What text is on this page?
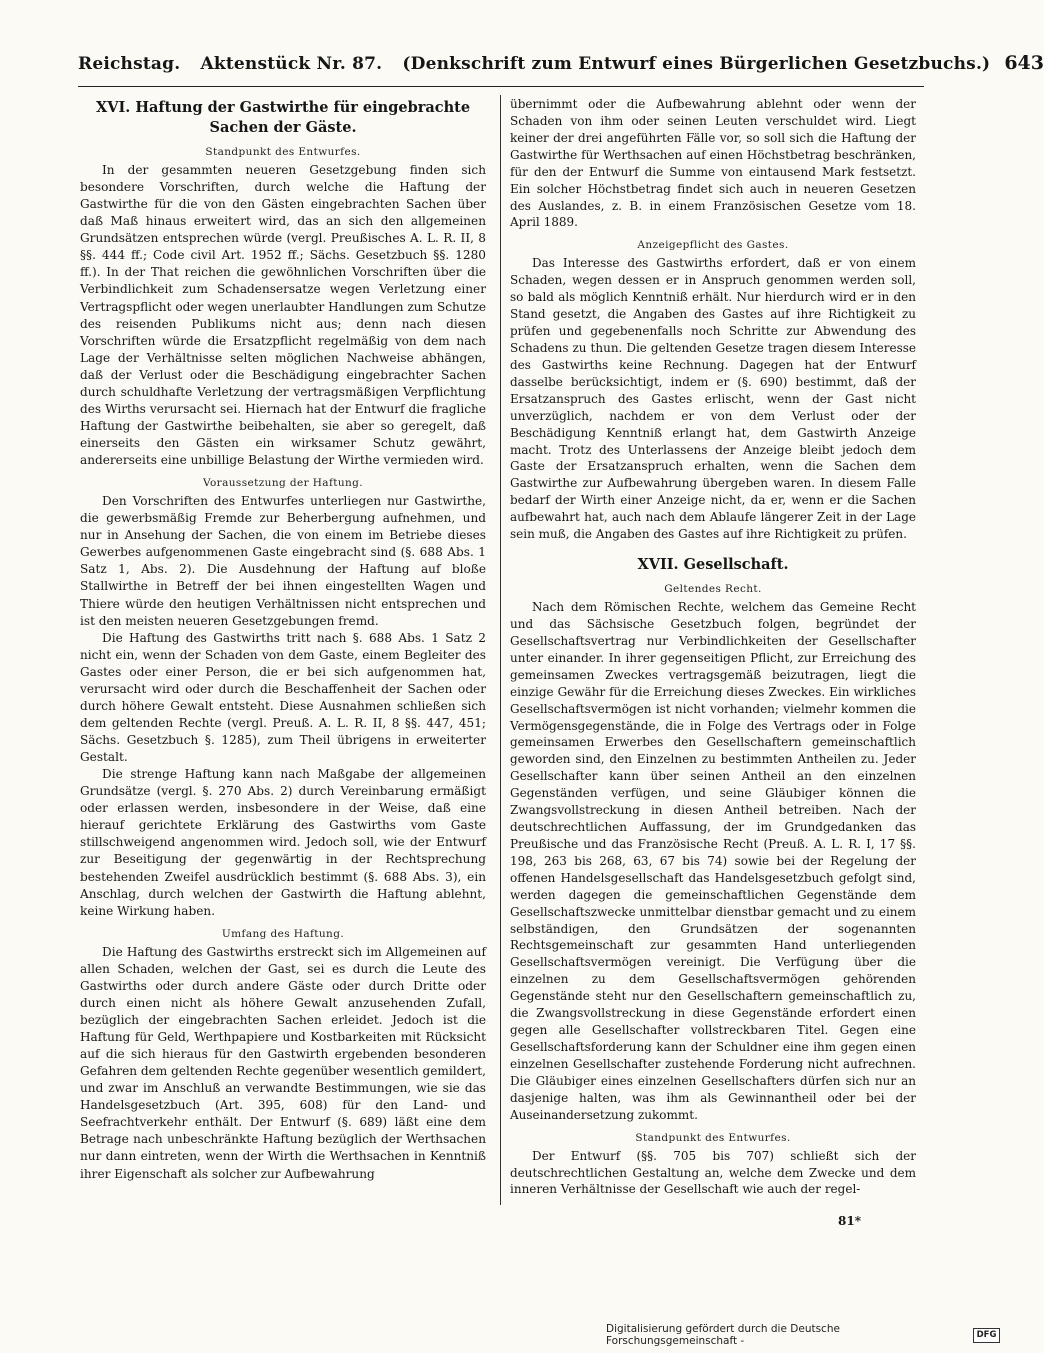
Reichstag. Aktenstück Nr. 87. (Denkschrift zum Entwurf eines Bürgerlichen Gesetzbuchs.) 643
XVI. Haftung der Gastwirthe für eingebrachte Sachen der Gäste.
Standpunkt des Entwurfes.

In der gesammten neueren Gesetzgebung finden sich besondere Vorschriften, durch welche die Haftung der Gastwirthe für die von den Gästen eingebrachten Sachen über daß Maß hinaus erweitert wird, das an sich den allgemeinen Grundsätzen entsprechen würde (vergl. Preußisches A. L. R. II, 8 §§. 444 ff.; Code civil Art. 1952 ff.; Sächs. Gesetzbuch §§. 1280 ff.). In der That reichen die gewöhnlichen Vorschriften über die Verbindlichkeit zum Schadensersatze wegen Verletzung einer Vertragspflicht oder wegen unerlaubter Handlungen zum Schutze des reisenden Publikums nicht aus; denn nach diesen Vorschriften würde die Ersatzpflicht regelmäßig von dem nach Lage der Verhältnisse selten möglichen Nachweise abhängen, daß der Verlust oder die Beschädigung eingebrachter Sachen durch schuldhafte Verletzung der vertragsmäßigen Verpflichtung des Wirths verursacht sei. Hiernach hat der Entwurf die fragliche Haftung der Gastwirthe beibehalten, sie aber so geregelt, daß einerseits den Gästen ein wirksamer Schutz gewährt, andererseits eine unbillige Belastung der Wirthe vermieden wird.

Voraussetzung der Haftung.

Den Vorschriften des Entwurfes unterliegen nur Gastwirthe, die gewerbsmäßig Fremde zur Beherbergung aufnehmen, und nur in Ansehung der Sachen, die von einem im Betriebe dieses Gewerbes aufgenommenen Gaste eingebracht sind (§. 688 Abs. 1 Satz 1, Abs. 2). Die Ausdehnung der Haftung auf bloße Stallwirthe in Betreff der bei ihnen eingestellten Wagen und Thiere würde den heutigen Verhältnissen nicht entsprechen und ist den meisten neueren Gesetzgebungen fremd.

Die Haftung des Gastwirths tritt nach §. 688 Abs. 1 Satz 2 nicht ein, wenn der Schaden von dem Gaste, einem Begleiter des Gastes oder einer Person, die er bei sich aufgenommen hat, verursacht wird oder durch die Beschaffenheit der Sachen oder durch höhere Gewalt entsteht. Diese Ausnahmen schließen sich dem geltenden Rechte (vergl. Preuß. A. L. R. II, 8 §§. 447, 451; Sächs. Gesetzbuch §. 1285), zum Theil übrigens in erweiterter Gestalt.

Die strenge Haftung kann nach Maßgabe der allgemeinen Grundsätze (vergl. §. 270 Abs. 2) durch Vereinbarung ermäßigt oder erlassen werden, insbesondere in der Weise, daß eine hierauf gerichtete Erklärung des Gastwirths vom Gaste stillschweigend angenommen wird. Jedoch soll, wie der Entwurf zur Beseitigung der gegenwärtig in der Rechtsprechung bestehenden Zweifel ausdrücklich bestimmt (§. 688 Abs. 3), ein Anschlag, durch welchen der Gastwirth die Haftung ablehnt, keine Wirkung haben.

Umfang des Haftung.

Die Haftung des Gastwirths erstreckt sich im Allgemeinen auf allen Schaden, welchen der Gast, sei es durch die Leute des Gastwirths oder durch andere Gäste oder durch Dritte oder durch einen nicht als höhere Gewalt anzusehenden Zufall, bezüglich der eingebrachten Sachen erleidet. Jedoch ist die Haftung für Geld, Werthpapiere und Kostbarkeiten mit Rücksicht auf die sich hieraus für den Gastwirth ergebenden besonderen Gefahren dem geltenden Rechte gegenüber wesentlich gemildert, und zwar im Anschluß an verwandte Bestimmungen, wie sie das Handelsgesetzbuch (Art. 395, 608) für den Land- und Seefrachtverkehr enthält. Der Entwurf (§. 689) läßt eine dem Betrage nach unbeschränkte Haftung bezüglich der Werthsachen nur dann eintreten, wenn der Wirth die Werthsachen in Kenntniß ihrer Eigenschaft als solcher zur Aufbewahrung

übernimmt oder die Aufbewahrung ablehnt oder wenn der Schaden von ihm oder seinen Leuten verschuldet wird. Liegt keiner der drei angeführten Fälle vor, so soll sich die Haftung der Gastwirthe für Werthsachen auf einen Höchstbetrag beschränken, für den der Entwurf die Summe von eintausend Mark festsetzt. Ein solcher Höchstbetrag findet sich auch in neueren Gesetzen des Auslandes, z. B. in einem Französischen Gesetze vom 18. April 1889.

Anzeigepflicht des Gastes.

Das Interesse des Gastwirths erfordert, daß er von einem Schaden, wegen dessen er in Anspruch genommen werden soll, so bald als möglich Kenntniß erhält. Nur hierdurch wird er in den Stand gesetzt, die Angaben des Gastes auf ihre Richtigkeit zu prüfen und gegebenenfalls noch Schritte zur Abwendung des Schadens zu thun. Die geltenden Gesetze tragen diesem Interesse des Gastwirths keine Rechnung. Dagegen hat der Entwurf dasselbe berücksichtigt, indem er (§. 690) bestimmt, daß der Ersatzanspruch des Gastes erlischt, wenn der Gast nicht unverzüglich, nachdem er von dem Verlust oder der Beschädigung Kenntniß erlangt hat, dem Gastwirth Anzeige macht. Trotz des Unterlassens der Anzeige bleibt jedoch dem Gaste der Ersatzanspruch erhalten, wenn die Sachen dem Gastwirthe zur Aufbewahrung übergeben waren. In diesem Falle bedarf der Wirth einer Anzeige nicht, da er, wenn er die Sachen aufbewahrt hat, auch nach dem Ablaufe längerer Zeit in der Lage sein muß, die Angaben des Gastes auf ihre Richtigkeit zu prüfen.

XVII. Gesellschaft.
Geltendes Recht.

Nach dem Römischen Rechte, welchem das Gemeine Recht und das Sächsische Gesetzbuch folgen, begründet der Gesellschaftsvertrag nur Verbindlichkeiten der Gesellschafter unter einander. In ihrer gegenseitigen Pflicht, zur Erreichung des gemeinsamen Zweckes vertragsgemäß beizutragen, liegt die einzige Gewähr für die Erreichung dieses Zweckes. Ein wirkliches Gesellschaftsvermögen ist nicht vorhanden; vielmehr kommen die Vermögensgegenstände, die in Folge des Vertrags oder in Folge gemeinsamen Erwerbes den Gesellschaftern gemeinschaftlich geworden sind, den Einzelnen zu bestimmten Antheilen zu. Jeder Gesellschafter kann über seinen Antheil an den einzelnen Gegenständen verfügen, und seine Gläubiger können die Zwangsvollstreckung in diesen Antheil betreiben. Nach der deutschrechtlichen Auffassung, der im Grundgedanken das Preußische und das Französische Recht (Preuß. A. L. R. I, 17 §§. 198, 263 bis 268, 63, 67 bis 74) sowie bei der Regelung der offenen Handelsgesellschaft das Handelsgesetzbuch gefolgt sind, werden dagegen die gemeinschaftlichen Gegenstände dem Gesellschaftszwecke unmittelbar dienstbar gemacht und zu einem selbständigen, den Grundsätzen der sogenannten Rechtsgemeinschaft zur gesammten Hand unterliegenden Gesellschaftsvermögen vereinigt. Die Verfügung über die einzelnen zu dem Gesellschaftsvermögen gehörenden Gegenstände steht nur den Gesellschaftern gemeinschaftlich zu, die Zwangsvollstreckung in diese Gegenstände erfordert einen gegen alle Gesellschafter vollstreckbaren Titel. Gegen eine Gesellschaftsforderung kann der Schuldner eine ihm gegen einen einzelnen Gesellschafter zustehende Forderung nicht aufrechnen. Die Gläubiger eines einzelnen Gesellschafters dürfen sich nur an dasjenige halten, was ihm als Gewinnantheil oder bei der Auseinandersetzung zukommt.

Standpunkt des Entwurfes.

Der Entwurf (§§. 705 bis 707) schließt sich der deutschrechtlichen Gestaltung an, welche dem Zwecke und dem inneren Verhältnisse der Gesellschaft wie auch der regel-

81*
Digitalisierung gefördert durch die Deutsche Forschungsgemeinschaft -	DFG
